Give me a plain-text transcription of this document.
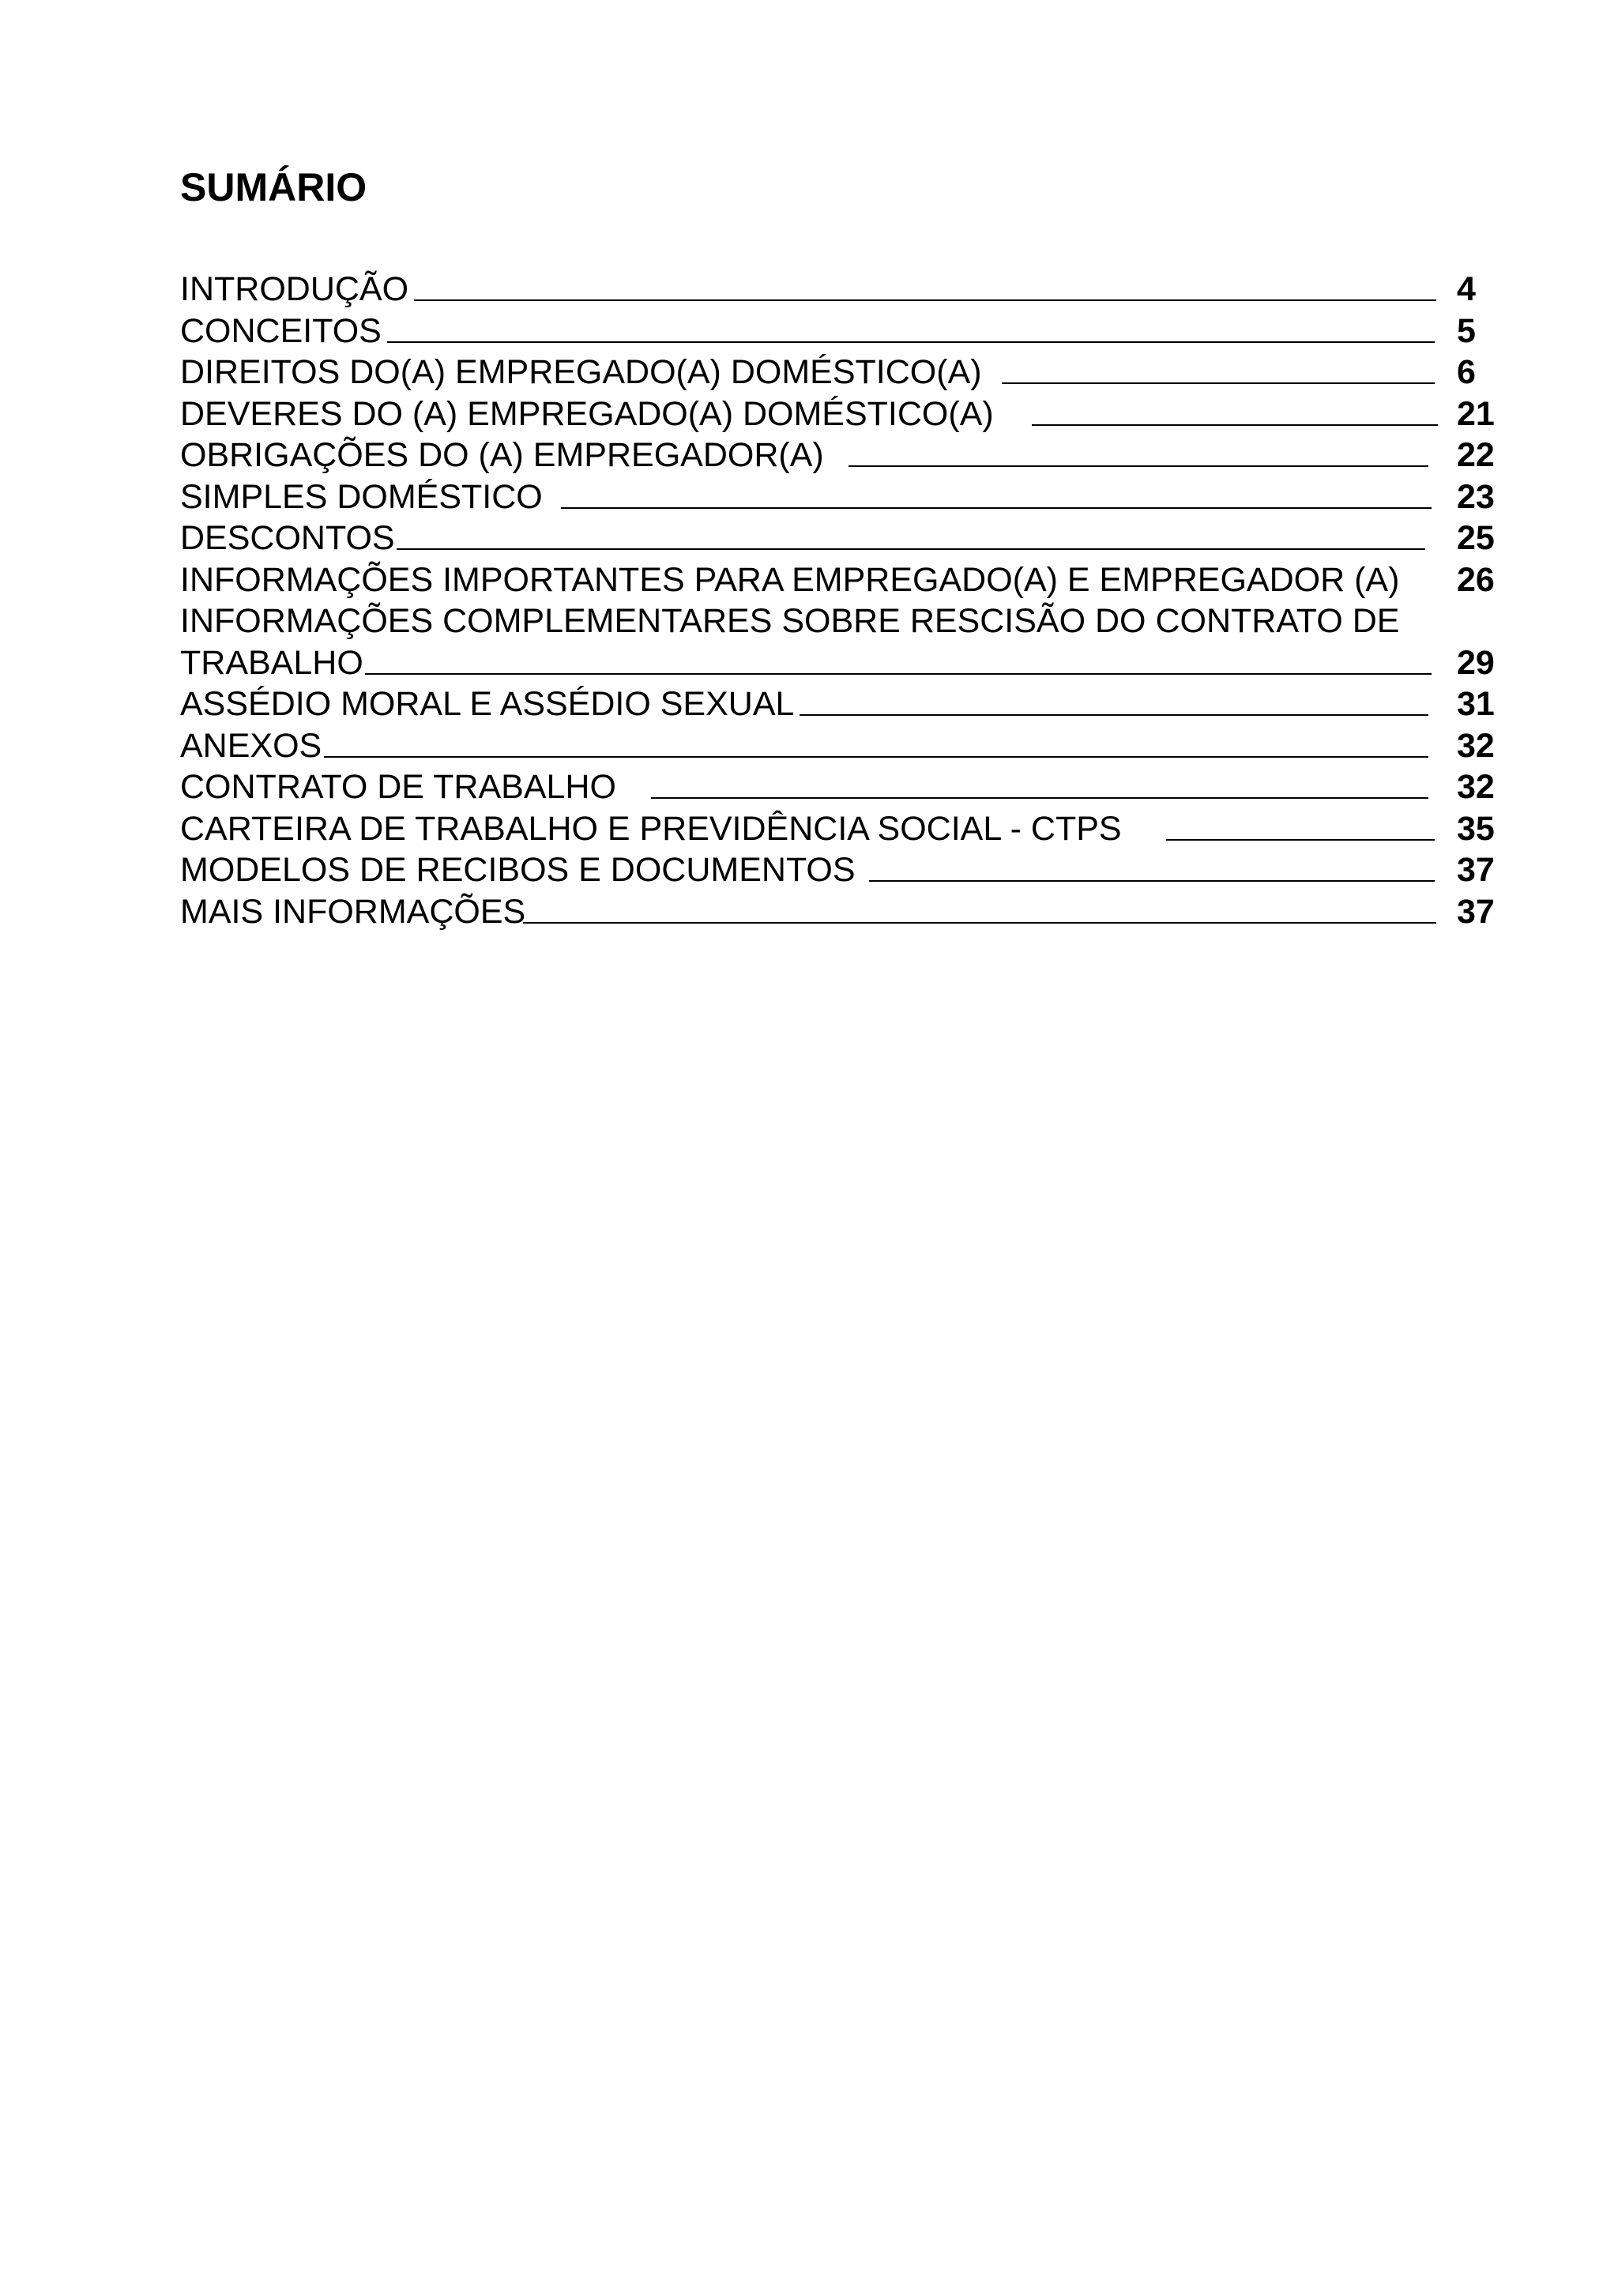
SUMÁRIO
INTRODUÇÃO	4
CONCEITOS	5
DIREITOS DO(A) EMPREGADO(A) DOMÉSTICO(A)	6
DEVERES DO (A) EMPREGADO(A) DOMÉSTICO(A)	21
OBRIGAÇÕES DO (A) EMPREGADOR(A)	22
SIMPLES DOMÉSTICO	23
DESCONTOS	25
INFORMAÇÕES IMPORTANTES PARA EMPREGADO(A) E EMPREGADOR (A) 26
INFORMAÇÕES COMPLEMENTARES SOBRE RESCISÃO DO CONTRATO DE
TRABALHO	29
ASSÉDIO MORAL E ASSÉDIO SEXUAL	31
ANEXOS	32
CONTRATO DE TRABALHO	32
CARTEIRA DE TRABALHO E PREVIDÊNCIA SOCIAL - CTPS	35
MODELOS DE RECIBOS E DOCUMENTOS	37
MAIS INFORMAÇÕES	37
